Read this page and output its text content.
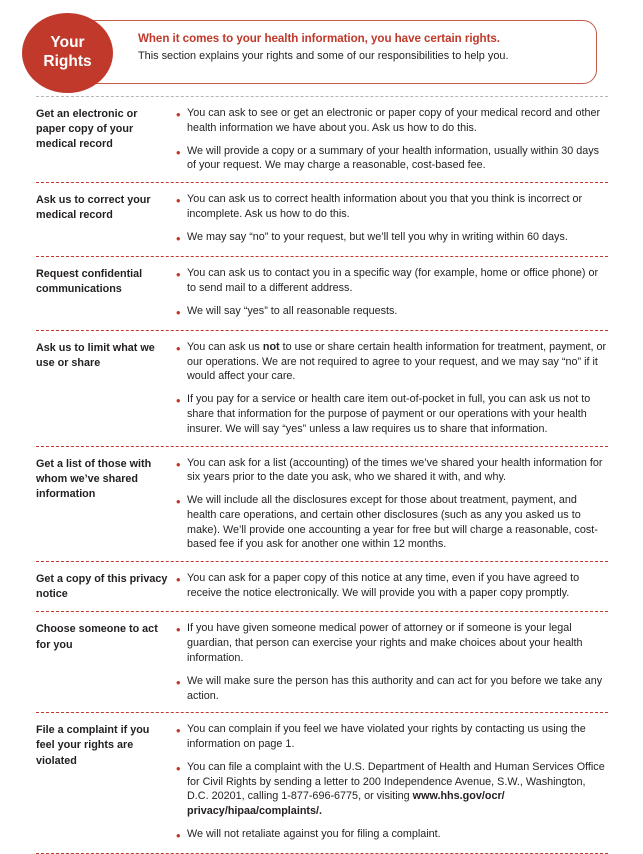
Your
Rights
When it comes to your health information, you have certain rights.
This section explains your rights and some of our responsibilities to help you.
Get an electronic or paper copy of your medical record
• You can ask to see or get an electronic or paper copy of your medical record and other health information we have about you. Ask us how to do this.
• We will provide a copy or a summary of your health information, usually within 30 days of your request. We may charge a reasonable, cost-based fee.
Ask us to correct your medical record
• You can ask us to correct health information about you that you think is incorrect or incomplete. Ask us how to do this.
• We may say “no” to your request, but we’ll tell you why in writing within 60 days.
Request confidential communications
• You can ask us to contact you in a specific way (for example, home or office phone) or to send mail to a different address.
• We will say “yes” to all reasonable requests.
Ask us to limit what we use or share
• You can ask us not to use or share certain health information for treatment, payment, or our operations. We are not required to agree to your request, and we may say “no” if it would affect your care.
• If you pay for a service or health care item out-of-pocket in full, you can ask us not to share that information for the purpose of payment or our operations with your health insurer. We will say “yes” unless a law requires us to share that information.
Get a list of those with whom we’ve shared information
• You can ask for a list (accounting) of the times we’ve shared your health information for six years prior to the date you ask, who we shared it with, and why.
• We will include all the disclosures except for those about treatment, payment, and health care operations, and certain other disclosures (such as any you asked us to make). We’ll provide one accounting a year for free but will charge a reasonable, cost-based fee if you ask for another one within 12 months.
Get a copy of this privacy notice
• You can ask for a paper copy of this notice at any time, even if you have agreed to receive the notice electronically. We will provide you with a paper copy promptly.
Choose someone to act for you
• If you have given someone medical power of attorney or if someone is your legal guardian, that person can exercise your rights and make choices about your health information.
• We will make sure the person has this authority and can act for you before we take any action.
File a complaint if you feel your rights are violated
• You can complain if you feel we have violated your rights by contacting us using the information on page 1.
• You can file a complaint with the U.S. Department of Health and Human Services Office for Civil Rights by sending a letter to 200 Independence Avenue, S.W., Washington, D.C. 20201, calling 1-877-696-6775, or visiting www.hhs.gov/ocr/ privacy/hipaa/complaints/.
• We will not retaliate against you for filing a complaint.
